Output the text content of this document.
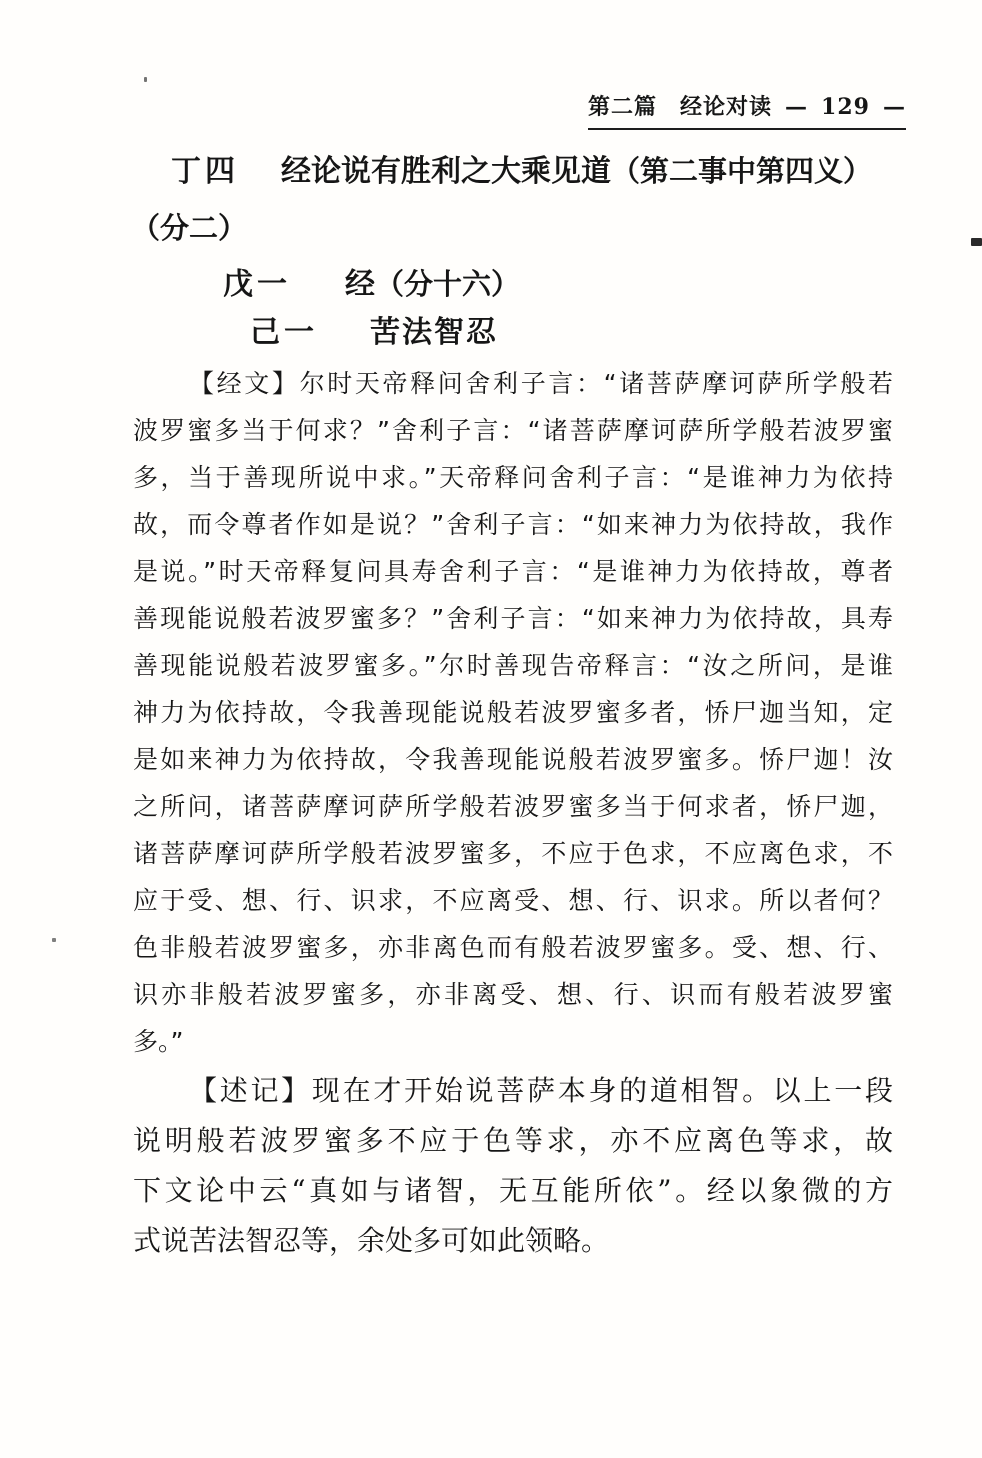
第二篇　经论对读 — 129 —
丁四 经论说有胜利之大乘见道（第二事中第四义）
（分二）
戊一 经（分十六）
己一 苦法智忍
【经文】尔时天帝释问舍利子言：“诸菩萨摩诃萨所学般若
波罗蜜多当于何求？”舍利子言：“诸菩萨摩诃萨所学般若波罗蜜
多，当于善现所说中求。”天帝释问舍利子言：“是谁神力为依持
故，而令尊者作如是说？”舍利子言：“如来神力为依持故，我作
是说。”时天帝释复问具寿舍利子言：“是谁神力为依持故，尊者
善现能说般若波罗蜜多？”舍利子言：“如来神力为依持故，具寿
善现能说般若波罗蜜多。”尔时善现告帝释言：“汝之所问，是谁
神力为依持故，令我善现能说般若波罗蜜多者，㤭尸迦当知，定
是如来神力为依持故，令我善现能说般若波罗蜜多。㤭尸迦！汝
之所问，诸菩萨摩诃萨所学般若波罗蜜多当于何求者，㤭尸迦，
诸菩萨摩诃萨所学般若波罗蜜多，不应于色求，不应离色求，不
应于受、想、行、识求，不应离受、想、行、识求。所以者何？
色非般若波罗蜜多，亦非离色而有般若波罗蜜多。受、想、行、
识亦非般若波罗蜜多，亦非离受、想、行、识而有般若波罗蜜
多。”
【述记】现在才开始说菩萨本身的道相智。以上一段
说明般若波罗蜜多不应于色等求，亦不应离色等求，故
下文论中云“真如与诸智，无互能所依”。经以象微的方
式说苦法智忍等，余处多可如此领略。
